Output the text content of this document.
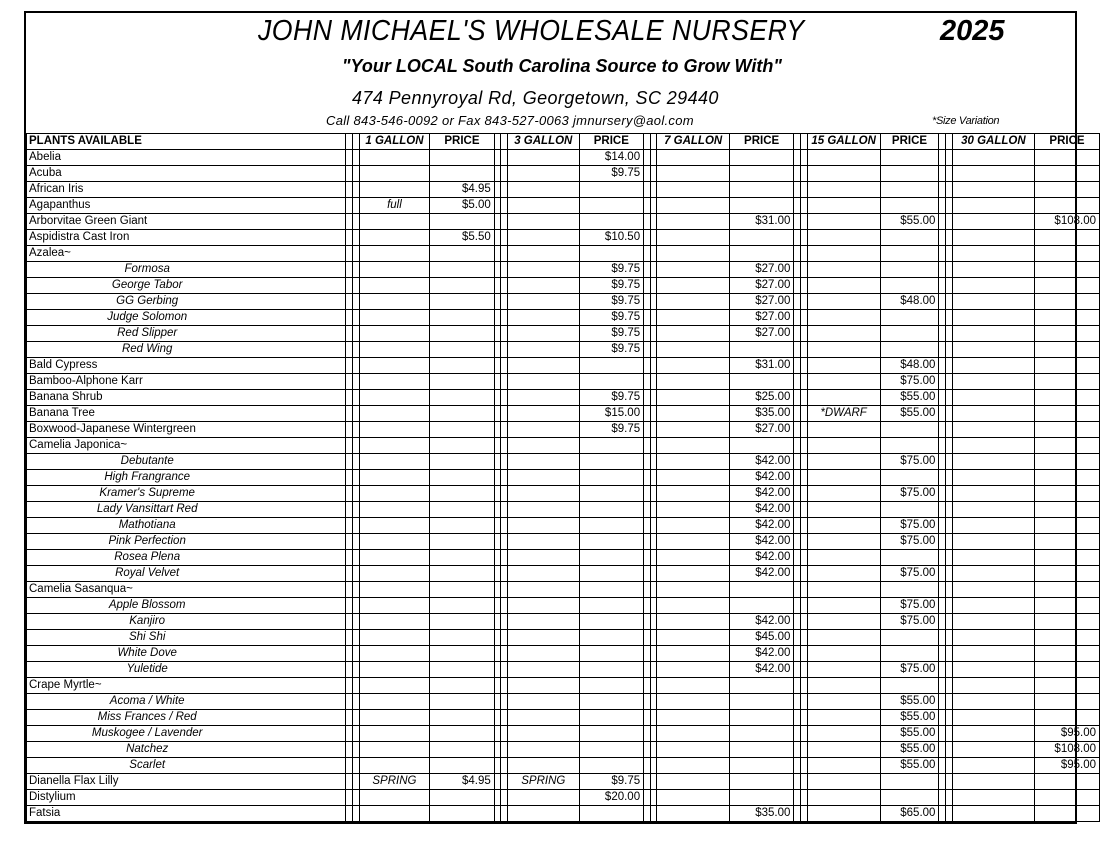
JOHN MICHAEL'S WHOLESALE NURSERY	2025
"Your LOCAL South Carolina Source to Grow With"
474 Pennyroyal Rd, Georgetown, SC 29440
Call 843-546-0092 or Fax 843-527-0063 jmnursery@aol.com	*Size Variation
PLANTS AVAILABLE			1 GALLON	PRICE			3 GALLON	PRICE			7 GALLON	PRICE			15 GALLON	PRICE			30 GALLON	PRICE
Abelia								$14.00												
Acuba								$9.75												
African Iris				$4.95																
Agapanthus			full	$5.00																
Arborvitae Green Giant												$31.00				$55.00				$108.00
Aspidistra Cast Iron				$5.50				$10.50												
Azalea~																				
Formosa								$9.75				$27.00								
George Tabor								$9.75				$27.00								
GG Gerbing								$9.75				$27.00				$48.00				
Judge Solomon								$9.75				$27.00								
Red Slipper								$9.75				$27.00								
Red Wing								$9.75												
Bald Cypress												$31.00				$48.00				
Bamboo-Alphone Karr																$75.00				
Banana Shrub								$9.75				$25.00				$55.00				
Banana Tree								$15.00				$35.00			*DWARF	$55.00				
Boxwood-Japanese Wintergreen								$9.75				$27.00								
Camelia Japonica~																				
Debutante												$42.00				$75.00				
High Frangrance												$42.00								
Kramer's Supreme												$42.00				$75.00				
Lady Vansittart Red												$42.00								
Mathotiana												$42.00				$75.00				
Pink Perfection												$42.00				$75.00				
Rosea Plena												$42.00								
Royal Velvet												$42.00				$75.00				
Camelia Sasanqua~																				
Apple Blossom																$75.00				
Kanjiro												$42.00				$75.00				
Shi Shi												$45.00								
White Dove												$42.00								
Yuletide												$42.00				$75.00				
Crape Myrtle~																				
Acoma / White																$55.00				
Miss Frances / Red																$55.00				
Muskogee / Lavender																$55.00				$95.00
Natchez																$55.00				$108.00
Scarlet																$55.00				$95.00
Dianella Flax Lilly			SPRING	$4.95			SPRING	$9.75												
Distylium								$20.00												
Fatsia												$35.00				$65.00				
